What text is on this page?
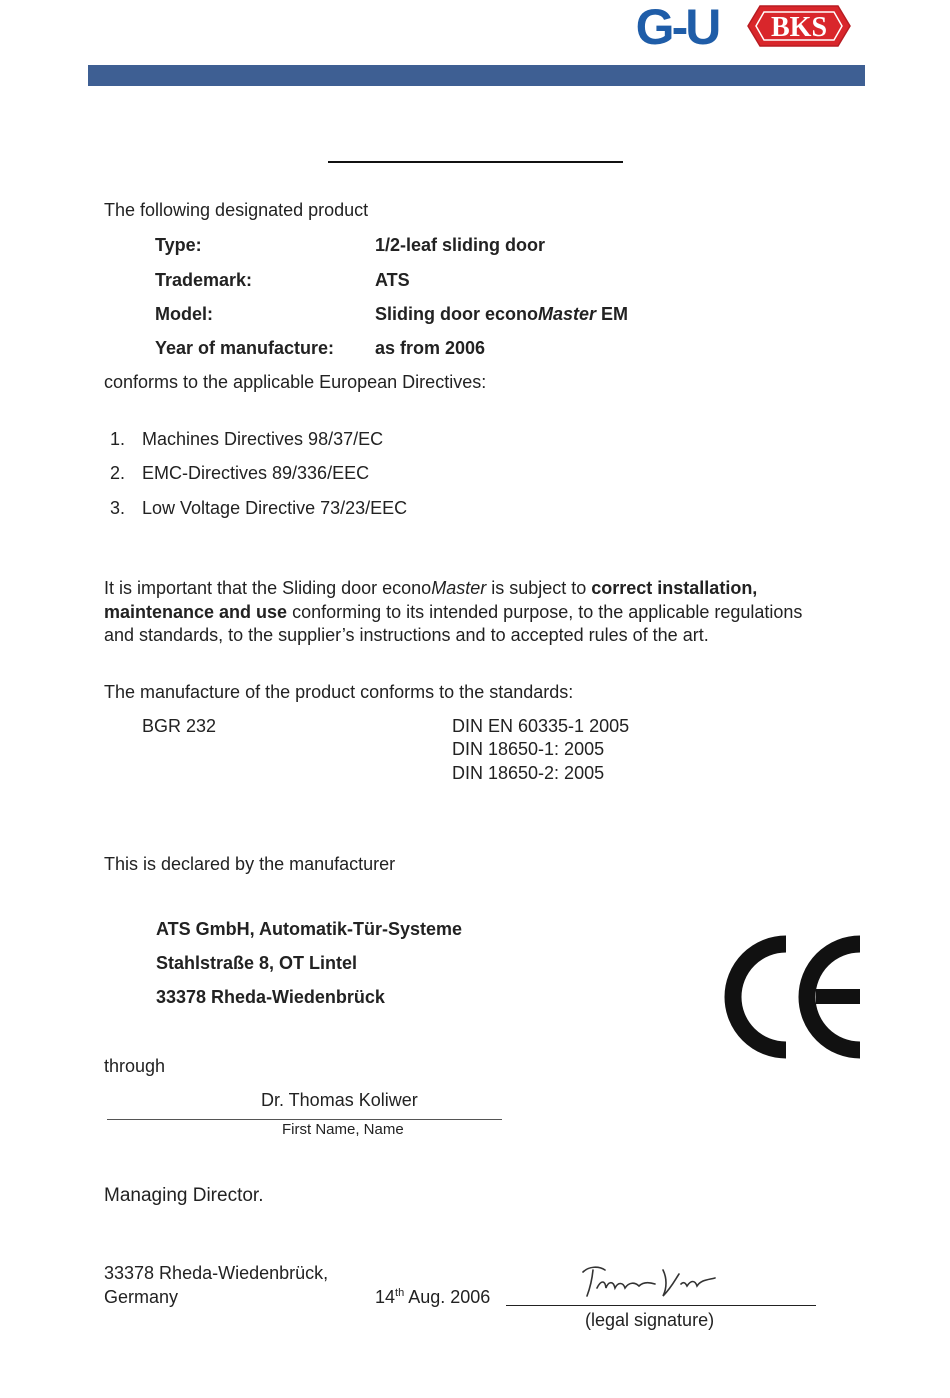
G-U BKS
The following designated product
Type:	1/2-leaf sliding door
Trademark:	ATS
Model:	Sliding door econoMaster EM
Year of manufacture: as from 2006
conforms to the applicable European Directives:
1. Machines Directives 98/37/EC
2. EMC-Directives 89/336/EEC
3. Low Voltage Directive 73/23/EEC
It is important that the Sliding door econoMaster is subject to correct installation,
maintenance and use conforming to its intended purpose, to the applicable regulations
and standards, to the supplier’s instructions and to accepted rules of the art.
The manufacture of the product conforms to the standards:
BGR 232	DIN EN 60335-1 2005
DIN 18650-1: 2005
DIN 18650-2: 2005
This is declared by the manufacturer
ATS GmbH, Automatik-Tür-Systeme
Stahlstraße 8, OT Lintel
33378 Rheda-Wiedenbrück
CE
through
Dr. Thomas Koliwer
First Name, Name
Managing Director.
33378 Rheda-Wiedenbrück,
Germany	14th Aug. 2006
(legal signature)
